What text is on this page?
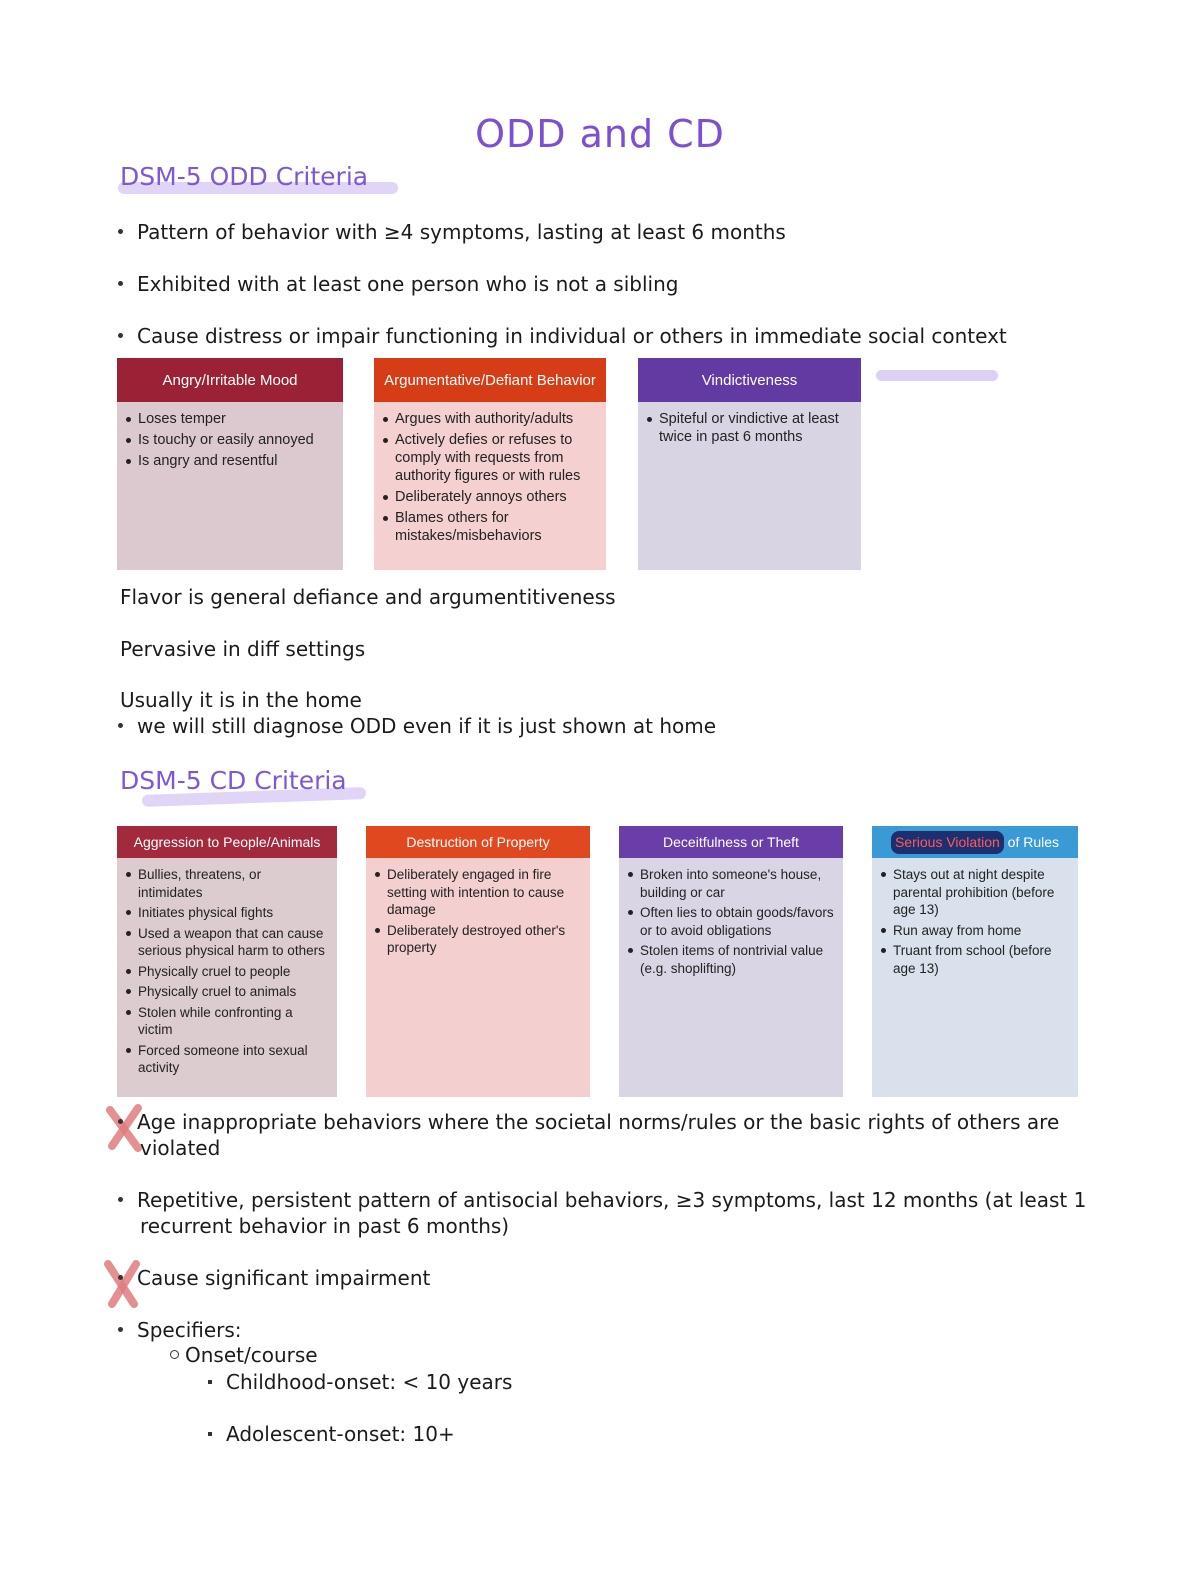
ODD and CD
DSM-5 ODD Criteria
Pattern of behavior with ≥4 symptoms, lasting at least 6 months
Exhibited with at least one person who is not a sibling
Cause distress or impair functioning in individual or others in immediate social context
Angry/Irritable Mood
Loses temper
Is touchy or easily annoyed
Is angry and resentful
Argumentative/Defiant Behavior
Argues with authority/adults
Actively defies or refuses to comply with requests from authority figures or with rules
Deliberately annoys others
Blames others for mistakes/misbehaviors
Vindictiveness
Spiteful or vindictive at least twice in past 6 months
Flavor is general defiance and argumentitiveness
Pervasive in diff settings
Usually it is in the home
we will still diagnose ODD even if it is just shown at home
DSM-5 CD Criteria
Aggression to People/Animals
Bullies, threatens, or intimidates
Initiates physical fights
Used a weapon that can cause serious physical harm to others
Physically cruel to people
Physically cruel to animals
Stolen while confronting a victim
Forced someone into sexual activity
Destruction of Property
Deliberately engaged in fire setting with intention to cause damage
Deliberately destroyed other's property
Deceitfulness or Theft
Broken into someone's house, building or car
Often lies to obtain goods/favors or to avoid obligations
Stolen items of nontrivial value (e.g. shoplifting)
Serious Violation of Rules
Stays out at night despite parental prohibition (before age 13)
Run away from home
Truant from school (before age 13)
Age inappropriate behaviors where the societal norms/rules or the basic rights of others are violated
Repetitive, persistent pattern of antisocial behaviors, ≥3 symptoms, last 12 months (at least 1 recurrent behavior in past 6 months)
Cause significant impairment
Specifiers:
Onset/course
Childhood-onset: < 10 years
Adolescent-onset: 10+
